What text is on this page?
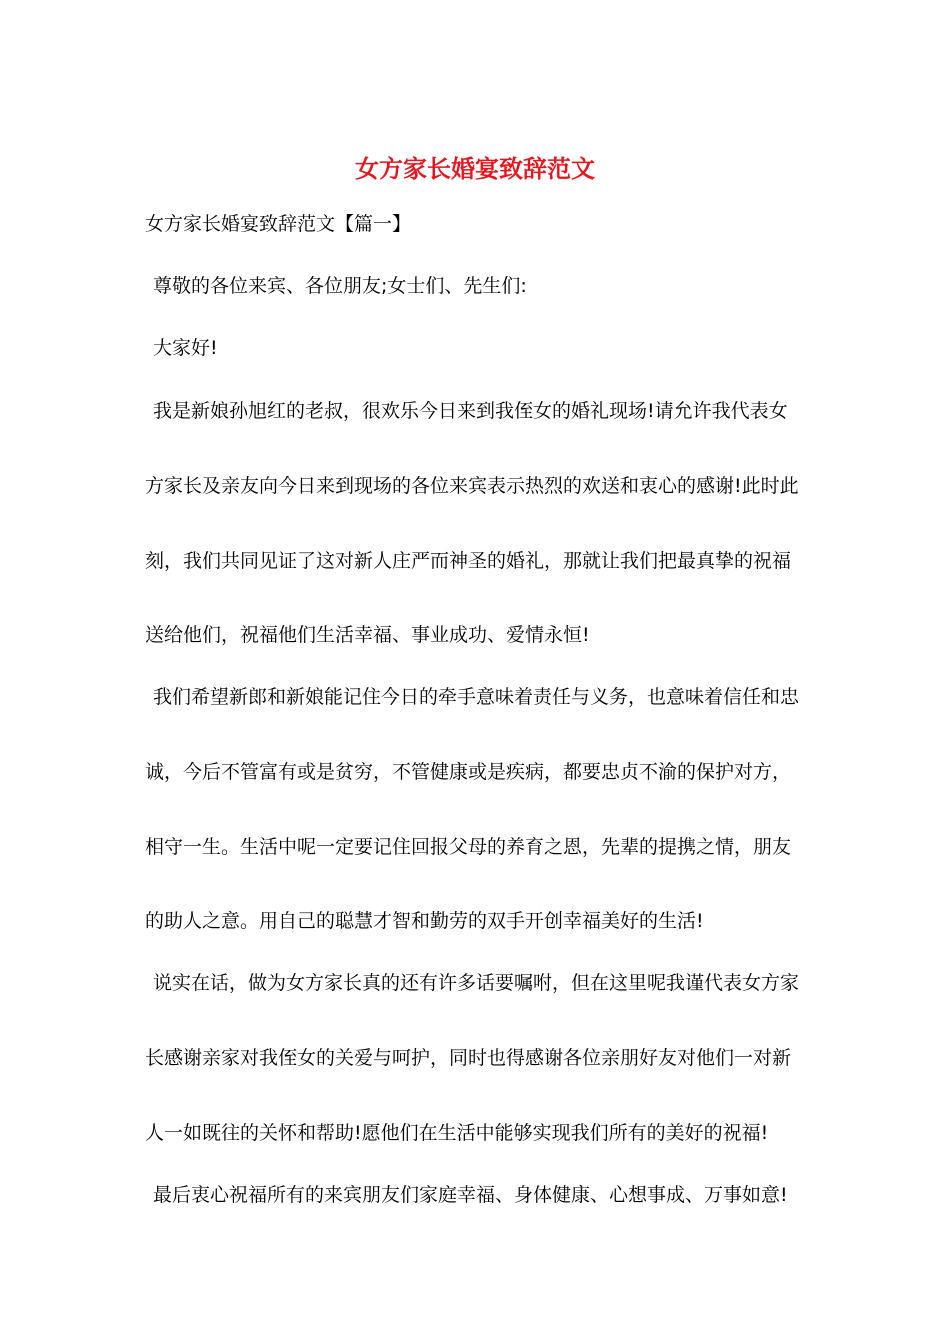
女方家长婚宴致辞范文

女方家长婚宴致辞范文【篇一】

尊敬的各位来宾、各位朋友;女士们、先生们:

大家好!

我是新娘孙旭红的老叔，很欢乐今日来到我侄女的婚礼现场!请允许我代表女

方家长及亲友向今日来到现场的各位来宾表示热烈的欢送和衷心的感谢!此时此

刻，我们共同见证了这对新人庄严而神圣的婚礼，那就让我们把最真挚的祝福

送给他们，祝福他们生活幸福、事业成功、爱情永恒!

我们希望新郎和新娘能记住今日的牵手意味着责任与义务，也意味着信任和忠

诚，今后不管富有或是贫穷，不管健康或是疾病，都要忠贞不渝的保护对方，

相守一生。生活中呢一定要记住回报父母的养育之恩，先辈的提携之情，朋友

的助人之意。用自己的聪慧才智和勤劳的双手开创幸福美好的生活!

说实在话，做为女方家长真的还有许多话要嘱咐，但在这里呢我谨代表女方家

长感谢亲家对我侄女的关爱与呵护，同时也得感谢各位亲朋好友对他们一对新

人一如既往的关怀和帮助!愿他们在生活中能够实现我们所有的美好的祝福!

最后衷心祝福所有的来宾朋友们家庭幸福、身体健康、心想事成、万事如意!
